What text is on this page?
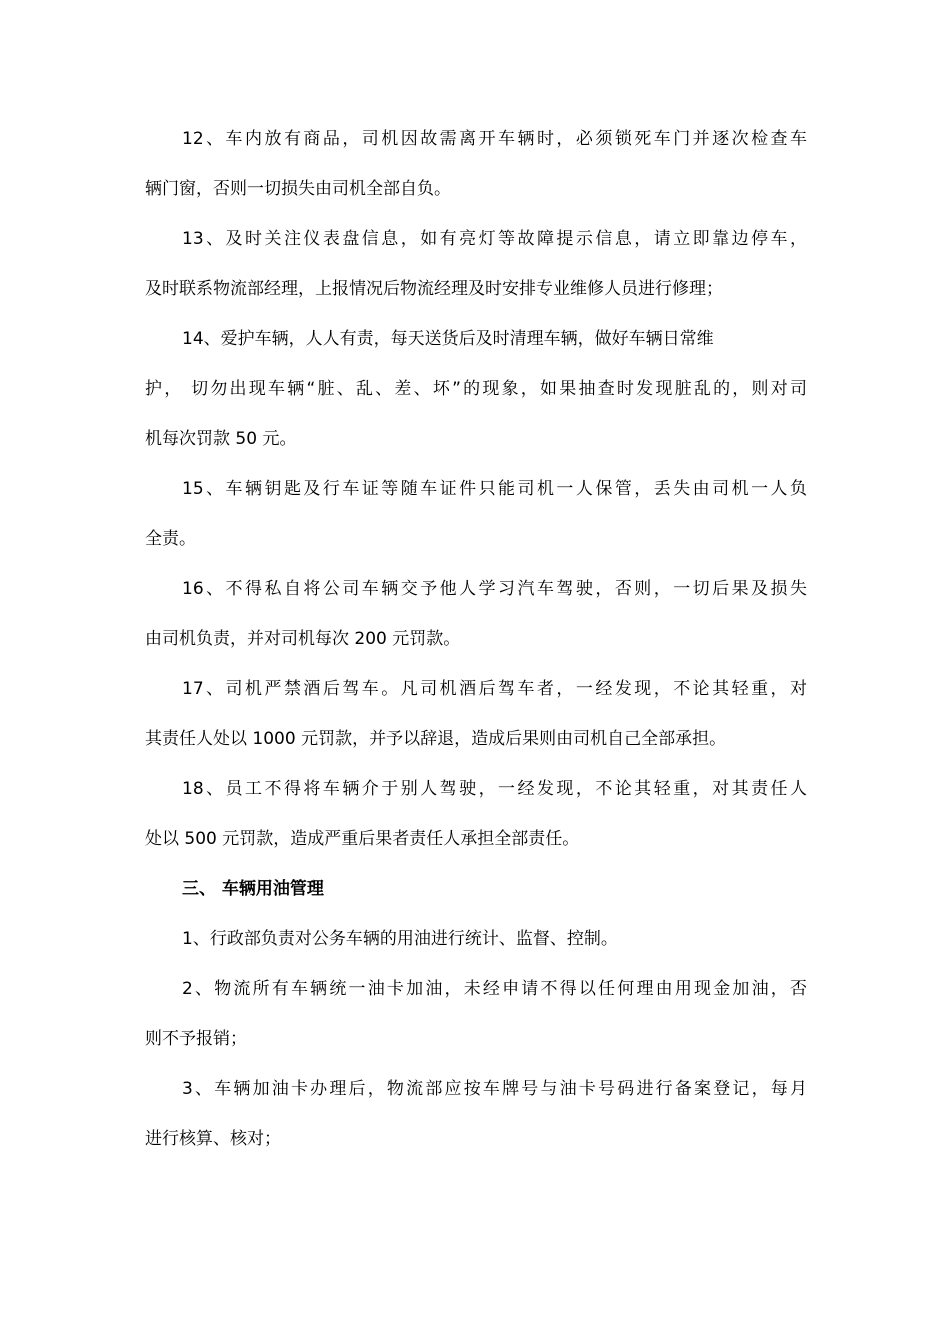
12、车内放有商品，司机因故需离开车辆时，必须锁死车门并逐次检查车
辆门窗，否则一切损失由司机全部自负。
13、及时关注仪表盘信息，如有亮灯等故障提示信息，请立即靠边停车，
及时联系物流部经理，上报情况后物流经理及时安排专业维修人员进行修理；
14、爱护车辆，人人有责，每天送货后及时清理车辆，做好车辆日常维
护， 切勿出现车辆“脏、乱、差、坏”的现象，如果抽查时发现脏乱的，则对司
机每次罚款 50 元。
15、车辆钥匙及行车证等随车证件只能司机一人保管，丢失由司机一人负
全责。
16、不得私自将公司车辆交予他人学习汽车驾驶，否则，一切后果及损失
由司机负责，并对司机每次 200 元罚款。
17、司机严禁酒后驾车。凡司机酒后驾车者，一经发现，不论其轻重，对
其责任人处以 1000 元罚款，并予以辞退，造成后果则由司机自己全部承担。
18、员工不得将车辆介于别人驾驶，一经发现，不论其轻重，对其责任人
处以 500 元罚款，造成严重后果者责任人承担全部责任。
三、 车辆用油管理
1、行政部负责对公务车辆的用油进行统计、监督、控制。
2、物流所有车辆统一油卡加油，未经申请不得以任何理由用现金加油，否
则不予报销；
3、车辆加油卡办理后，物流部应按车牌号与油卡号码进行备案登记，每月
进行核算、核对；
